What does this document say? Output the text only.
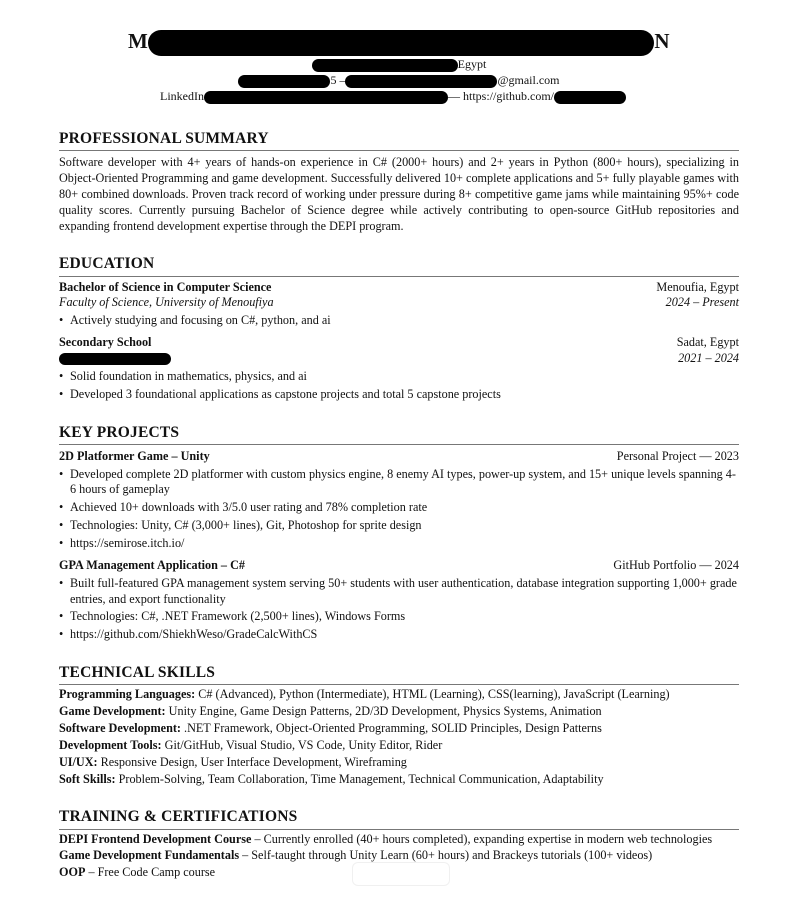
M	N
Egypt
5 –	@gmail.com
LinkedIn	— https://github.com/
PROFESSIONAL SUMMARY

Software developer with 4+ years of hands-on experience in C# (2000+ hours) and 2+ years in Python (800+ hours), specializing in Object-Oriented Programming and game development. Successfully delivered 10+ complete applications and 5+ fully playable games with 80+ combined downloads. Proven track record of working under pressure during 8+ competitive game jams while maintaining 95%+ code quality scores. Currently pursuing Bachelor of Science degree while actively contributing to open-source GitHub repositories and expanding frontend development expertise through the DEPI program.

EDUCATION
Bachelor of Science in Computer Science	Menoufia, Egypt
Faculty of Science, University of Menoufiya	2024 – Present
• Actively studying and focusing on C#, python, and ai
Secondary School	Sadat, Egypt
2021 – 2024
• Solid foundation in mathematics, physics, and ai
• Developed 3 foundational applications as capstone projects and total 5 capstone projects
KEY PROJECTS
2D Platformer Game – Unity	Personal Project — 2023
• Developed complete 2D platformer with custom physics engine, 8 enemy AI types, power-up system, and 15+ unique levels spanning 4-6 hours of gameplay
• Achieved 10+ downloads with 3/5.0 user rating and 78% completion rate
• Technologies: Unity, C# (3,000+ lines), Git, Photoshop for sprite design
• https://semirose.itch.io/
GPA Management Application – C#	GitHub Portfolio — 2024
• Built full-featured GPA management system serving 50+ students with user authentication, database integration supporting 1,000+ grade entries, and export functionality
• Technologies: C#, .NET Framework (2,500+ lines), Windows Forms
• https://github.com/ShiekhWeso/GradeCalcWithCS
TECHNICAL SKILLS
Programming Languages: C# (Advanced), Python (Intermediate), HTML (Learning), CSS(learning), JavaScript (Learning)
Game Development: Unity Engine, Game Design Patterns, 2D/3D Development, Physics Systems, Animation
Software Development: .NET Framework, Object-Oriented Programming, SOLID Principles, Design Patterns
Development Tools: Git/GitHub, Visual Studio, VS Code, Unity Editor, Rider
UI/UX: Responsive Design, User Interface Development, Wireframing
Soft Skills: Problem-Solving, Team Collaboration, Time Management, Technical Communication, Adaptability
TRAINING & CERTIFICATIONS
DEPI Frontend Development Course – Currently enrolled (40+ hours completed), expanding expertise in modern web technologies
Game Development Fundamentals – Self-taught through Unity Learn (60+ hours) and Brackeys tutorials (100+ videos)
OOP – Free Code Camp course
